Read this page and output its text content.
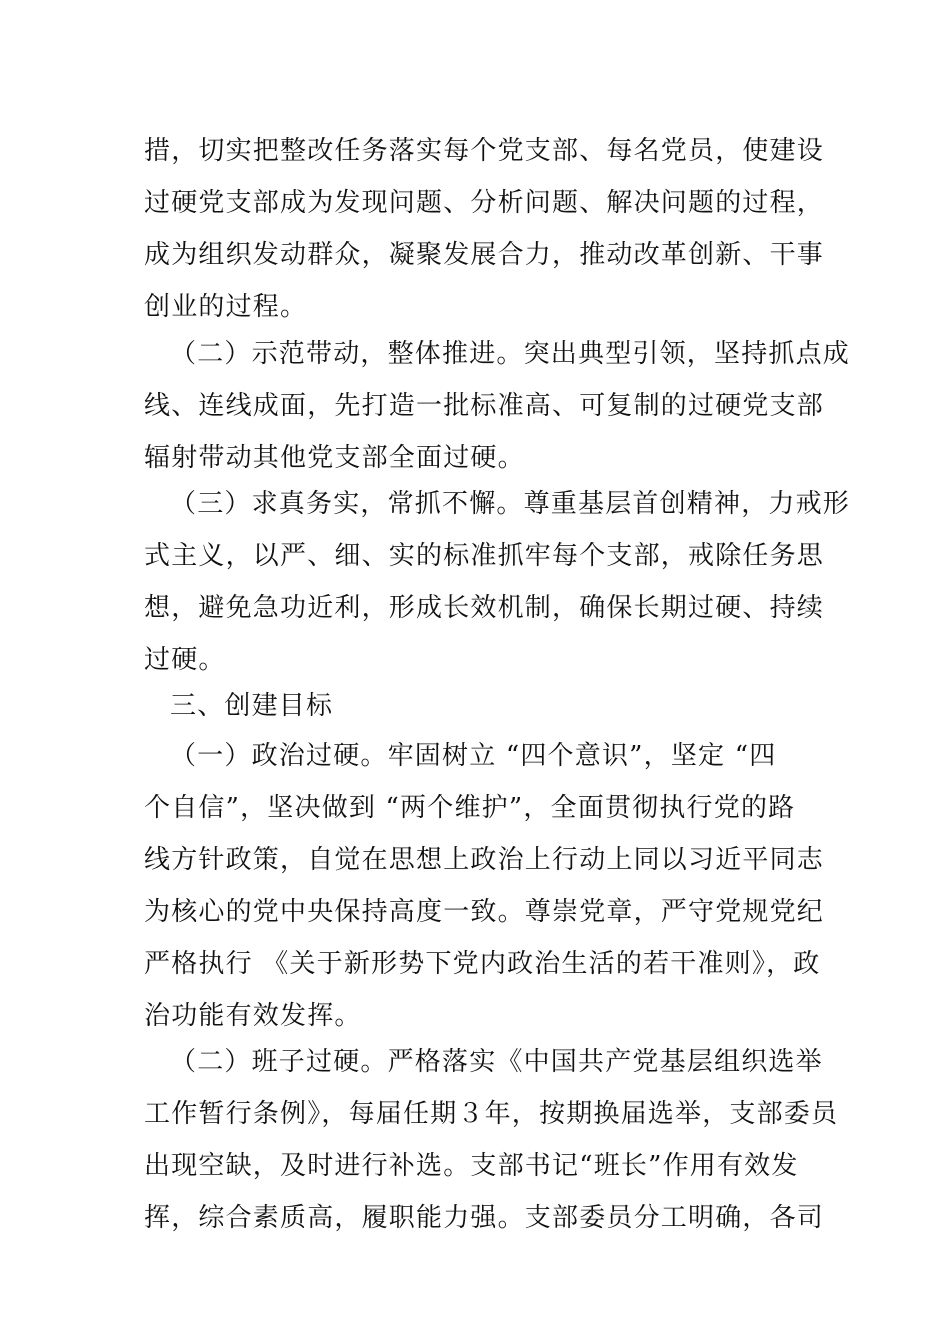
措，切实把整改任务落实每个党支部、每名党员，使建设
过硬党支部成为发现问题、分析问题、解决问题的过程，
成为组织发动群众，凝聚发展合力，推动改革创新、干事
创业的过程。
（二）示范带动，整体推进。突出典型引领，坚持抓点成
线、连线成面，先打造一批标准高、可复制的过硬党支部
辐射带动其他党支部全面过硬。
（三）求真务实，常抓不懈。尊重基层首创精神，力戒形
式主义，以严、细、实的标准抓牢每个支部，戒除任务思
想，避免急功近利，形成长效机制，确保长期过硬、持续
过硬。
三、创建目标
（一）政治过硬。牢固树立 “四个意识”，坚定 “四
个自信”，坚决做到 “两个维护”，全面贯彻执行党的路
线方针政策，自觉在思想上政治上行动上同以习近平同志
为核心的党中央保持高度一致。尊崇党章，严守党规党纪
严格执行 《关于新形势下党内政治生活的若干准则》，政
治功能有效发挥。
（二）班子过硬。严格落实《中国共产党基层组织选举
工作暂行条例》，每届任期３年，按期换届选举，支部委员
出现空缺，及时进行补选。支部书记“班长”作用有效发
挥，综合素质高，履职能力强。支部委员分工明确，各司
